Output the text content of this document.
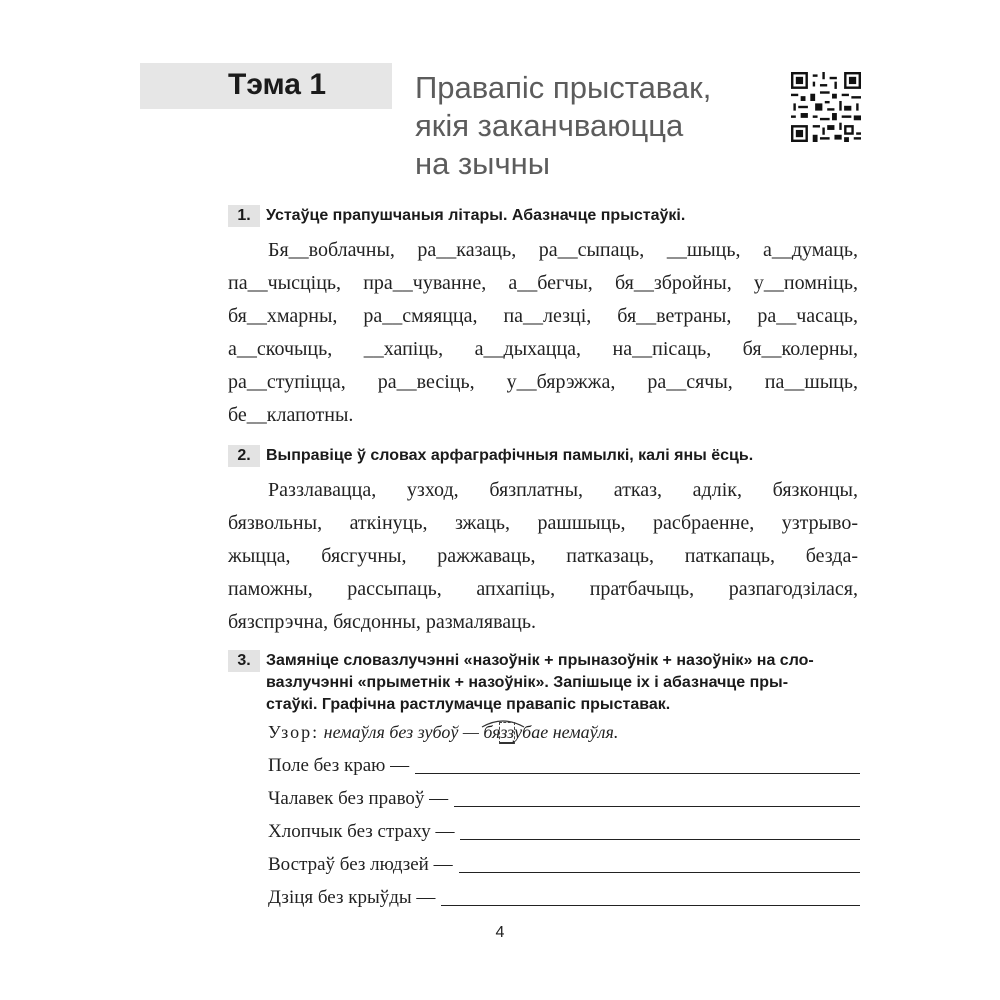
Тэма 1	Правапіс прыставак,
якія заканчваюцца
на зычны
1. Устаўце прапушчаныя літары. Абазначце прыстаўкі.
Бя__воблачны, ра__казаць, ра__сыпаць, __шыць, а__думаць,
па__чысціць, пра__чуванне, а__бегчы, бя__збройны, у__помніць,
бя__хмарны, ра__смяяцца, па__лезці, бя__ветраны, ра__часаць,
а__скочыць, __хапіць, а__дыхацца, на__пісаць, бя__колерны,
ра__ступіцца, ра__весіць, у__бярэжжа, ра__сячы, па__шыць,
бе__клапотны.
2. Выправіце ў словах арфаграфічныя памылкі, калі яны ёсць.
Раззлавацца, узход, бязплатны, атказ, адлік, бязконцы,
бязвольны, аткінуць, зжаць, рашшыць, расбраенне, узтрыво-
жыцца, бясгучны, ражжаваць, патказаць, паткапаць, безда-
паможны, рассыпаць, апхапіць, пратбачыць, разпагодзілася,
бязспрэчна, бясдонны, размаляваць.
3. Замяніце словазлучэнні «назоўнік + прыназоўнік + назоўнік» на сло-
вазлучэнні «прыметнік + назоўнік». Запішыце іх і абазначце пры-
стаўкі. Графічна растлумачце правапіс прыставак.
Узор: немаўля без зубоў — бя
ззубае немаўля.
Поле без краю —
Чалавек без правоў —
Хлопчык без страху —
Востраў без людзей —
Дзіця без крыўды —
4
